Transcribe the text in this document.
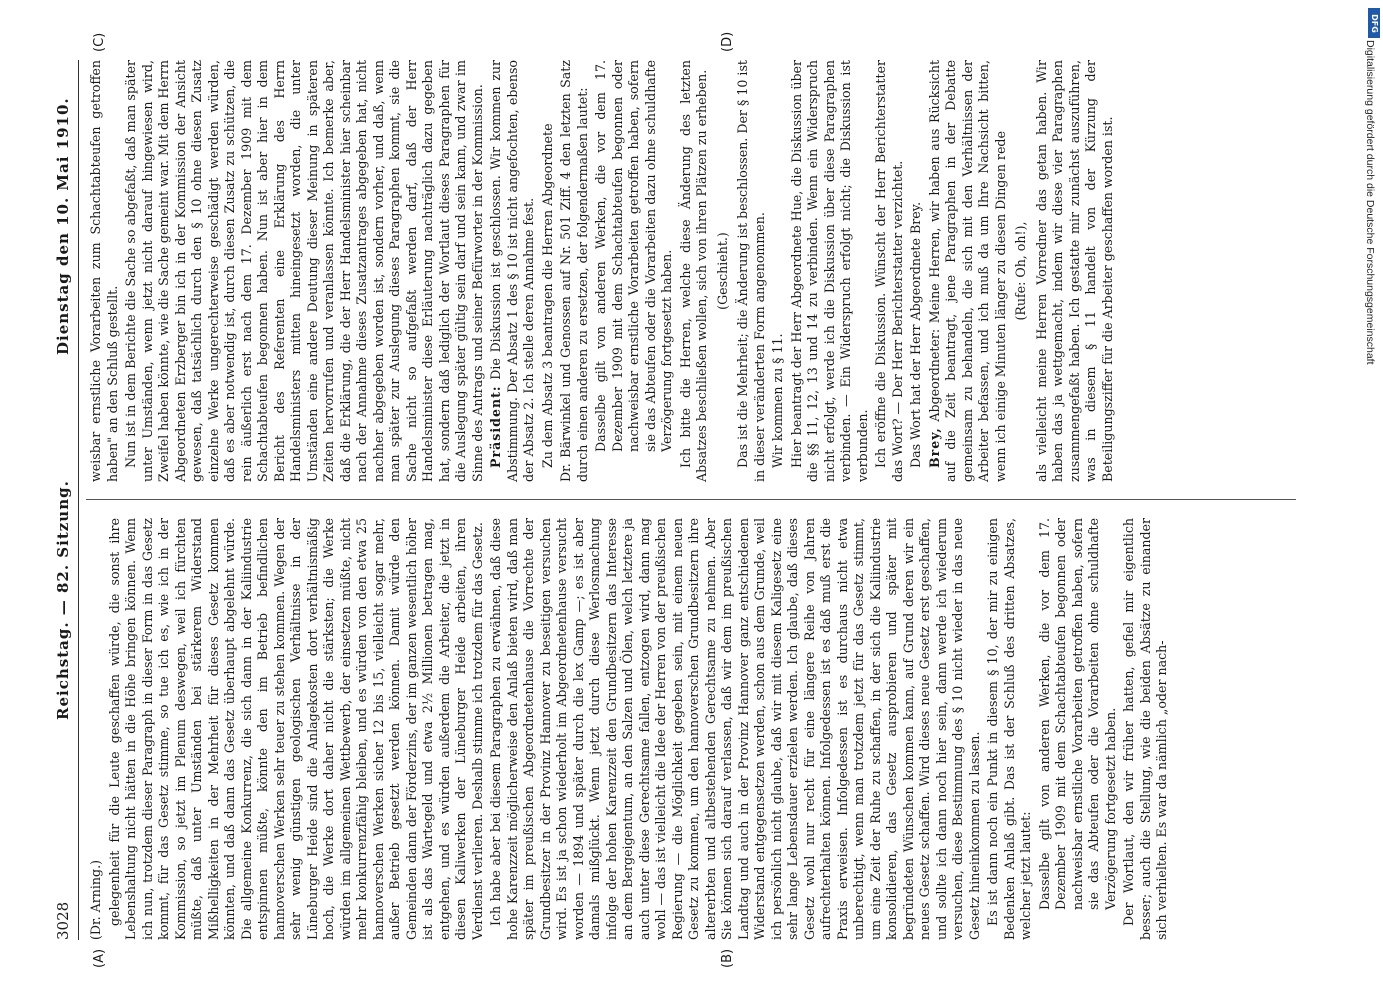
3028
Reichstag. — 82. Sitzung.
Dienstag den 10. Mai 1910.
(A)	(B)
(C)	(D)

(Dr. Arning.) gelegenheit für die Leute geschaffen würde, die sonst ihre Lebenshaltung nicht hätten in die Höhe bringen können. Wenn ich nun, trotzdem dieser Paragraph in dieser Form in das Gesetz kommt, für das Gesetz stimme, so tue ich es, wie ich in der Kommission, so jetzt im Plenum deswegen, weil ich fürchten müßte, daß unter Umständen bei stärkerem Widerstand Mißhelligkeiten in der Mehrheit für dieses Gesetz kommen könnten, und daß dann das Gesetz überhaupt abgelehnt würde. Die allgemeine Konkurrenz, die sich dann in der Kaliindustrie entspinnen müßte, könnte den im Betrieb befindlichen hannoverschen Werken sehr teuer zu stehen kommen. Wegen der sehr wenig günstigen geologischen Verhältnisse in der Lüneburger Heide sind die Anlagekosten dort verhältnismäßig hoch, die Werke dort daher nicht die stärksten; die Werke würden im allgemeinen Wettbewerb, der einsetzen müßte, nicht mehr konkurrenzfähig bleiben, und es würden von den etwa 25 hannoverschen Werken sicher 12 bis 15, vielleicht sogar mehr, außer Betrieb gesetzt werden können. Damit würde den Gemeinden dann der Förderzins, der im ganzen wesentlich höher ist als das Wartegeld und etwa 2½ Millionen betragen mag, entgehen, und es würden außerdem die Arbeiter, die jetzt in diesen Kaliwerken der Lüneburger Heide arbeiten, ihren Verdienst verlieren. Deshalb stimme ich trotzdem für das Gesetz. Ich habe aber bei diesem Paragraphen zu erwähnen, daß diese hohe Karenzzeit möglicherweise den Anlaß bieten wird, daß man später im preußischen Abgeordnetenhause die Vorrechte der Grundbesitzer in der Provinz Hannover zu beseitigen versuchen wird. Es ist ja schon wiederholt im Abgeordnetenhause versucht worden — 1894 und später durch die lex Gamp —; es ist aber damals mißglückt. Wenn jetzt durch diese Werlosmachung infolge der hohen Karenzzeit den Grundbesitzern das Interesse an dem Bergeigentum, an den Salzen und Ölen, welch letztere ja auch unter diese Gerechtsame fallen, entzogen wird, dann mag wohl — das ist vielleicht die Idee der Herren von der preußischen Regierung — die Möglichkeit gegeben sein, mit einem neuen Gesetz zu kommen, um den hannoverschen Grundbesitzern ihre altererbten und altbestehenden Gerechtsame zu nehmen. Aber Sie können sich darauf verlassen, daß wir dem im preußischen Landtag und auch in der Provinz Hannover ganz entschiedenen Widerstand entgegensetzen werden, schon aus dem Grunde, weil ich persönlich nicht glaube, daß wir mit diesem Kaligesetz eine sehr lange Lebensdauer erzielen werden. Ich glaube, daß dieses Gesetz wohl nur recht für eine längere Reihe von Jahren aufrechterhalten können. Infolgedessen ist es daß muß erst die Praxis erweisen. Infolgedessen ist es durchaus nicht etwa unberechtigt, wenn man trotzdem jetzt für das Gesetz stimmt, um eine Zeit der Ruhe zu schaffen, in der sich die Kaliindustrie konsolidieren, das Gesetz ausprobieren und später mit begründeten Wünschen kommen kann, auf Grund deren wir ein neues Gesetz schaffen. Wird dieses neue Gesetz erst geschaffen, und sollte ich dann noch hier sein, dann werde ich wiederum versuchen, diese Bestimmung des § 10 nicht wieder in das neue Gesetz hineinkommen zu lassen. Es ist dann noch ein Punkt in diesem § 10, der mir zu einigen Bedenken Anlaß gibt. Das ist der Schluß des dritten Absatzes, welcher jetzt lautet: Dasselbe gilt von anderen Werken, die vor dem 17. Dezember 1909 mit dem Schachtabteufen begonnen oder nachweisbar ernstliche Vorarbeiten getroffen haben, sofern sie das Abteufen oder die Vorarbeiten ohne schuldhafte Verzögerung fortgesetzt haben. Der Wortlaut, den wir früher hatten, gefiel mir eigentlich besser; auch die Stellung, wie die beiden Absätze zu einander sich verhielten. Es war da nämlich „oder nach-

weisbar ernstliche Vorarbeiten zum Schachtabteufen getroffen haben" an den Schluß gestellt. Nun ist in dem Berichte die Sache so abgefaßt, daß man später unter Umständen, wenn jetzt nicht darauf hingewiesen wird, Zweifel haben könnte, wie die Sache gemeint war. Mit dem Herrn Abgeordneten Erzberger bin ich in der Kommission der Ansicht gewesen, daß tatsächlich durch den § 10 ohne diesen Zusatz einzelne Werke ungerechterweise geschädigt werden würden, daß es aber notwendig ist, durch diesen Zusatz zu schützen, die rein äußerlich erst nach dem 17. Dezember 1909 mit dem Schachtabteufen begonnen haben. Nun ist aber hier in dem Bericht des Referenten eine Erklärung des Herrn Handelsministers mitten hineingesetzt worden, die unter Umständen eine andere Deutung dieser Meinung in späteren Zeiten hervorrufen und veranlassen könnte. Ich bemerke aber, daß die Erklärung, die der Herr Handelsminister hier scheinbar nach der Annahme dieses Zusatzantrages abgegeben hat, nicht nachher abgegeben worden ist, sondern vorher, und daß, wenn man später zur Auslegung dieses Paragraphen kommt, sie die Sache nicht so aufgefaßt werden darf, daß der Herr Handelsminister diese Erläuterung nachträglich dazu gegeben hat, sondern daß lediglich der Wortlaut dieses Paragraphen für die Auslegung später gültig sein darf und sein kann, und zwar im Sinne des Antrags und seiner Befürworter in der Kommission. Präsident: Die Diskussion ist geschlossen. Wir kommen zur Abstimmung. Der Absatz 1 des § 10 ist nicht angefochten, ebenso der Absatz 2. Ich stelle deren Annahme fest. Zu dem Absatz 3 beantragen die Herren Abgeordnete Dr. Bärwinkel und Genossen auf Nr. 501 Ziff. 4 den letzten Satz durch einen anderen zu ersetzen, der folgendermaßen lautet: Dasselbe gilt von anderen Werken, die vor dem 17. Dezember 1909 mit dem Schachtabteufen begonnen oder nachweisbar ernstliche Vorarbeiten getroffen haben, sofern sie das Abteufen oder die Vorarbeiten dazu ohne schuldhafte Verzögerung fortgesetzt haben. Ich bitte die Herren, welche diese Änderung des letzten Absatzes beschließen wollen, sich von ihren Plätzen zu erheben. (Geschieht.) Das ist die Mehrheit; die Änderung ist beschlossen. Der § 10 ist in dieser veränderten Form angenommen. Wir kommen zu § 11. Hier beantragt der Herr Abgeordnete Hue, die Diskussion über die §§ 11, 12, 13 und 14 zu verbinden. Wenn ein Widerspruch nicht erfolgt, werde ich die Diskussion über diese Paragraphen verbinden. — Ein Widerspruch erfolgt nicht; die Diskussion ist verbunden. Ich eröffne die Diskussion. Wünscht der Herr Berichterstatter das Wort? — Der Herr Berichterstatter verzichtet. Das Wort hat der Herr Abgeordnete Brey. Brey, Abgeordneter: Meine Herren, wir haben aus Rücksicht auf die Zeit beantragt, jene Paragraphen in der Debatte gemeinsam zu behandeln, die sich mit den Verhältnissen der Arbeiter befassen, und ich muß da um Ihre Nachsicht bitten, wenn ich einige Minuten länger zu diesen Dingen rede (Rufe: Oh, oh!), als vielleicht meine Herren Vorredner das getan haben. Wir haben das ja wettgemacht, indem wir diese vier Paragraphen zusammengefaßt haben. Ich gestatte mir zunächst auszuführen, was in diesem § 11 handelt von der Kürzung der Beteiligungsziffer für die Arbeiter geschaffen worden ist.

DFG
Digitalisierung gefördert durch die Deutsche Forschungsgemeinschaft
